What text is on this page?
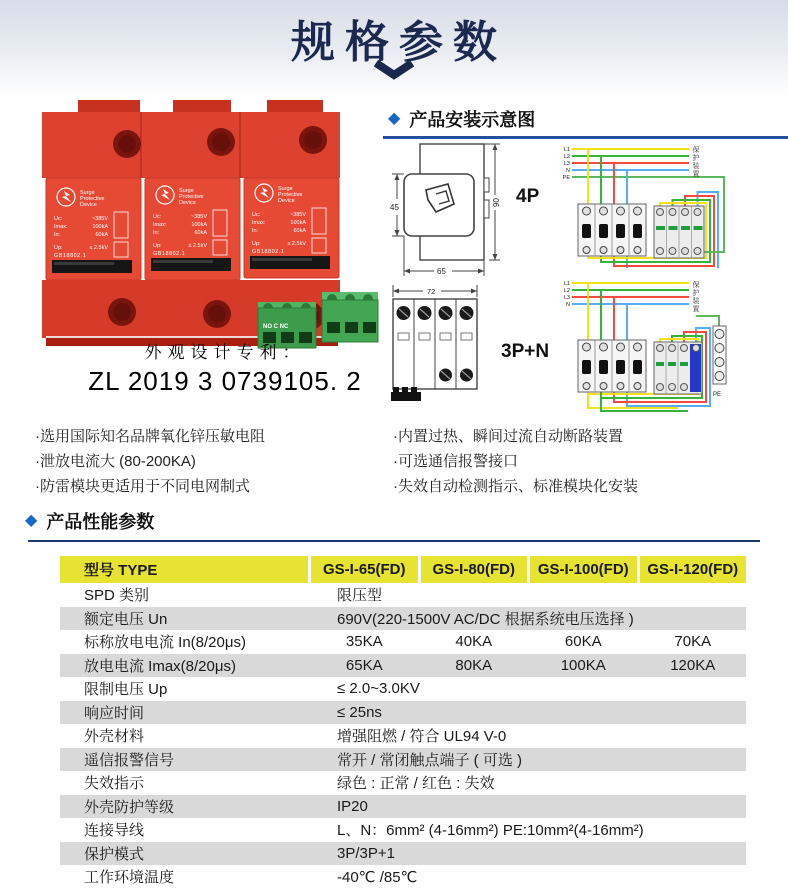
规格参数
Surge
Protective
Device
Uc:	~385V
Imax:	100kA
In:	60kA
Up:	≤ 2.5kV
GB18802.1
Surge
Protective
Device
Uc:	~385V
Imax:	100kA
In:	60kA
Up:	≤ 2.5kV
GB18802.1
Surge
Protective
Device
Uc:	~385V
Imax:	100kA
In:	60kA
Up:	≤ 2.5kV
GB18802.1
NO C NC
外观设计专利：
ZL 2019 3 0739105. 2
◆ 产品安装示意图
45
90
65
4P
72
3P+N
L1
L2
L3
N
PE
L1
L2
L3
N
PE
保护装置
保护装置
·选用国际知名品牌氧化锌压敏电阻
·泄放电流大 (80-200KA)
·防雷模块更适用于不同电网制式
·内置过热、瞬间过流自动断路装置
·可选通信报警接口
·失效自动检测指示、标准模块化安装
◆ 产品性能参数
型号 TYPE	GS-I-65(FD)	GS-I-80(FD)	GS-I-100(FD)	GS-I-120(FD)
SPD 类别	限压型
额定电压 Un	690V(220-1500V AC/DC 根据系统电压选择 )
标称放电电流 In(8/20μs)	35KA	40KA	60KA	70KA
放电电流 Imax(8/20μs)	65KA	80KA	100KA	120KA
限制电压 Up	≤ 2.0~3.0KV
响应时间	≤ 25ns
外壳材料	增强阻燃 / 符合 UL94 V-0
遥信报警信号	常开 / 常闭触点端子 ( 可选 )
失效指示	绿色 : 正常 / 红色 : 失效
外壳防护等级	IP20
连接导线	L、N：6mm² (4-16mm²) PE:10mm²(4-16mm²)
保护模式	3P/3P+1
工作环境温度	-40℃ /85℃
